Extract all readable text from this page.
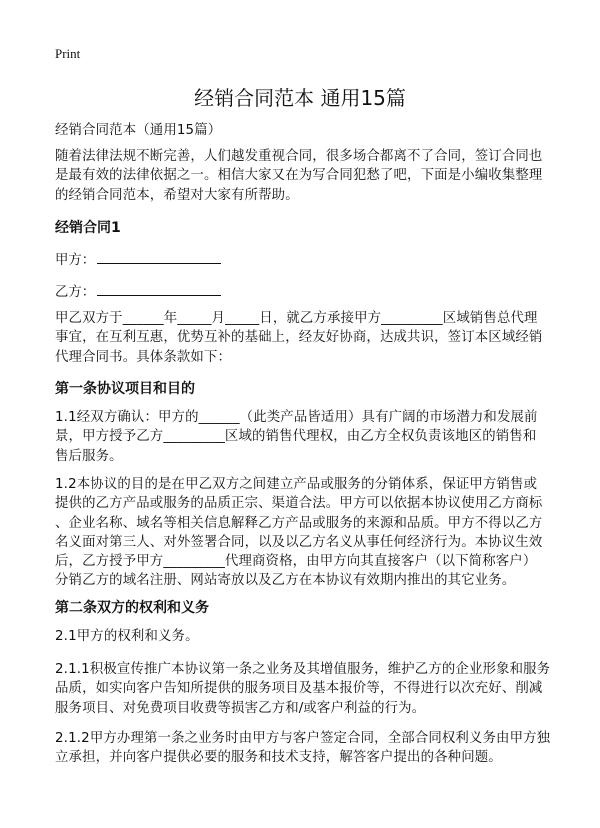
Print
经销合同范本 通用15篇
经销合同范本（通用15篇）
随着法律法规不断完善，人们越发重视合同，很多场合都离不了合同，签订合同也
是最有效的法律依据之一。相信大家又在为写合同犯愁了吧，下面是小编收集整理
的经销合同范本，希望对大家有所帮助。
经销合同1
甲方：
乙方：
甲乙双方于______年_____月_____日，就乙方承接甲方_________区域销售总代理
事宜，在互利互惠，优势互补的基础上，经友好协商，达成共识，签订本区域经销
代理合同书。具体条款如下：
第一条协议项目和目的
1.1经双方确认：甲方的______（此类产品皆适用）具有广阔的市场潜力和发展前
景，甲方授予乙方_________区域的销售代理权，由乙方全权负责该地区的销售和
售后服务。
1.2本协议的目的是在甲乙双方之间建立产品或服务的分销体系，保证甲方销售或
提供的乙方产品或服务的品质正宗、渠道合法。甲方可以依据本协议使用乙方商标
、企业名称、域名等相关信息解释乙方产品或服务的来源和品质。甲方不得以乙方
名义面对第三人、对外签署合同，以及以乙方名义从事任何经济行为。本协议生效
后，乙方授予甲方_________代理商资格，由甲方向其直接客户（以下简称客户）
分销乙方的域名注册、网站寄放以及乙方在本协议有效期内推出的其它业务。
第二条双方的权利和义务
2.1甲方的权利和义务。
2.1.1积极宣传推广本协议第一条之业务及其增值服务，维护乙方的企业形象和服务
品质，如实向客户告知所提供的服务项目及基本报价等，不得进行以次充好、削减
服务项目、对免费项目收费等损害乙方和/或客户利益的行为。
2.1.2甲方办理第一条之业务时由甲方与客户签定合同，全部合同权利义务由甲方独
立承担，并向客户提供必要的服务和技术支持，解答客户提出的各种问题。
